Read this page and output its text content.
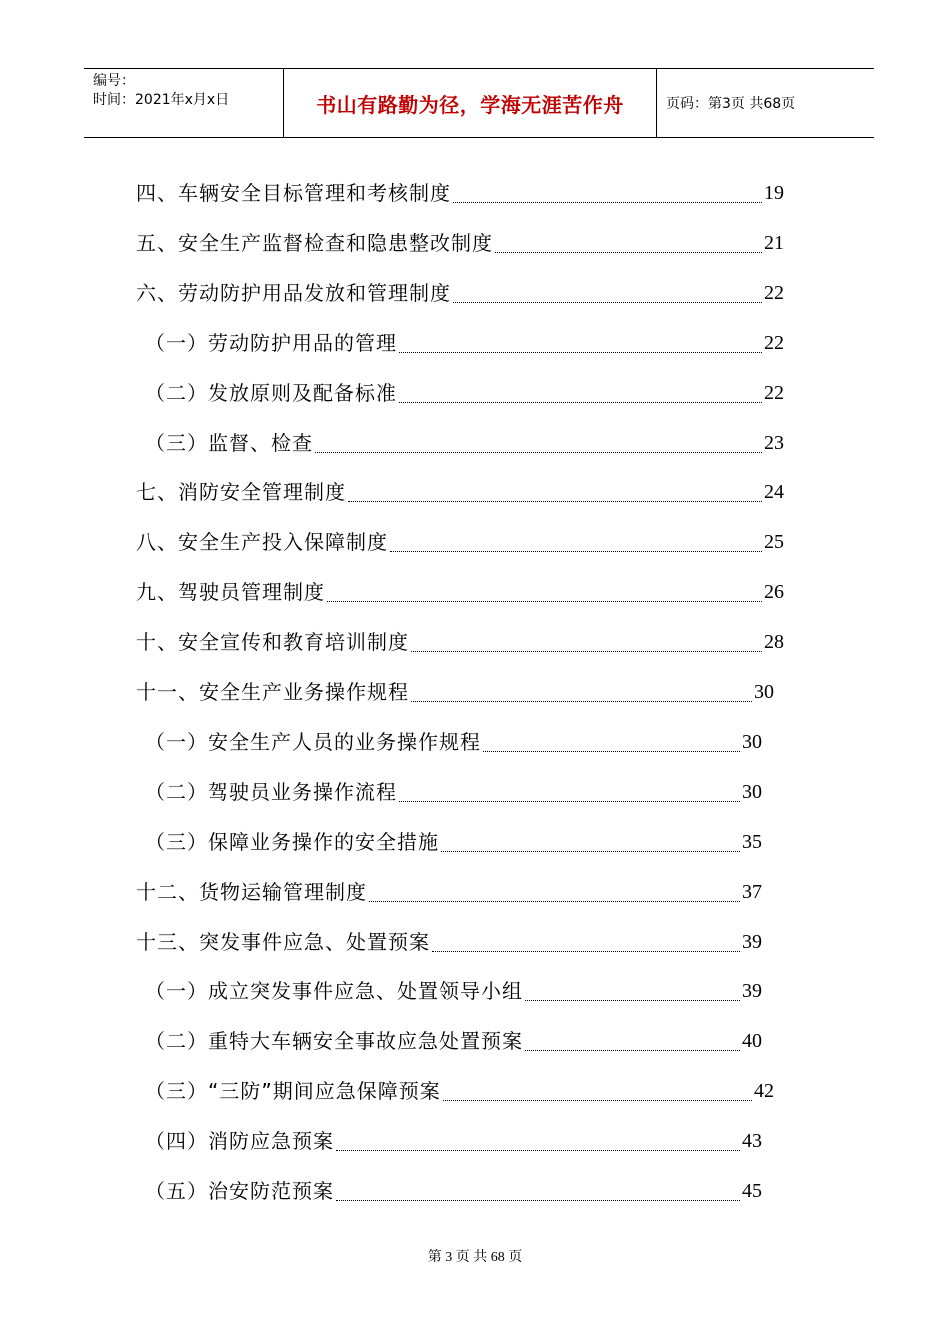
编号：
时间：2021年x月x日	书山有路勤为径，学海无涯苦作舟	页码：第3页 共68页
四、车辆安全目标管理和考核制度	19
五、安全生产监督检查和隐患整改制度	21
六、劳动防护用品发放和管理制度	22
（一）劳动防护用品的管理	22
（二）发放原则及配备标准	22
（三）监督、检查	23
七、消防安全管理制度	24
八、安全生产投入保障制度	25
九、驾驶员管理制度	26
十、安全宣传和教育培训制度	28
十一、安全生产业务操作规程	30
（一）安全生产人员的业务操作规程	30
（二）驾驶员业务操作流程	30
（三）保障业务操作的安全措施	35
十二、货物运输管理制度	37
十三、突发事件应急、处置预案	39
（一）成立突发事件应急、处置领导小组	39
（二）重特大车辆安全事故应急处置预案	40
（三）“三防”期间应急保障预案	42
（四）消防应急预案	43
（五）治安防范预案	45
第 3 页 共 68 页
